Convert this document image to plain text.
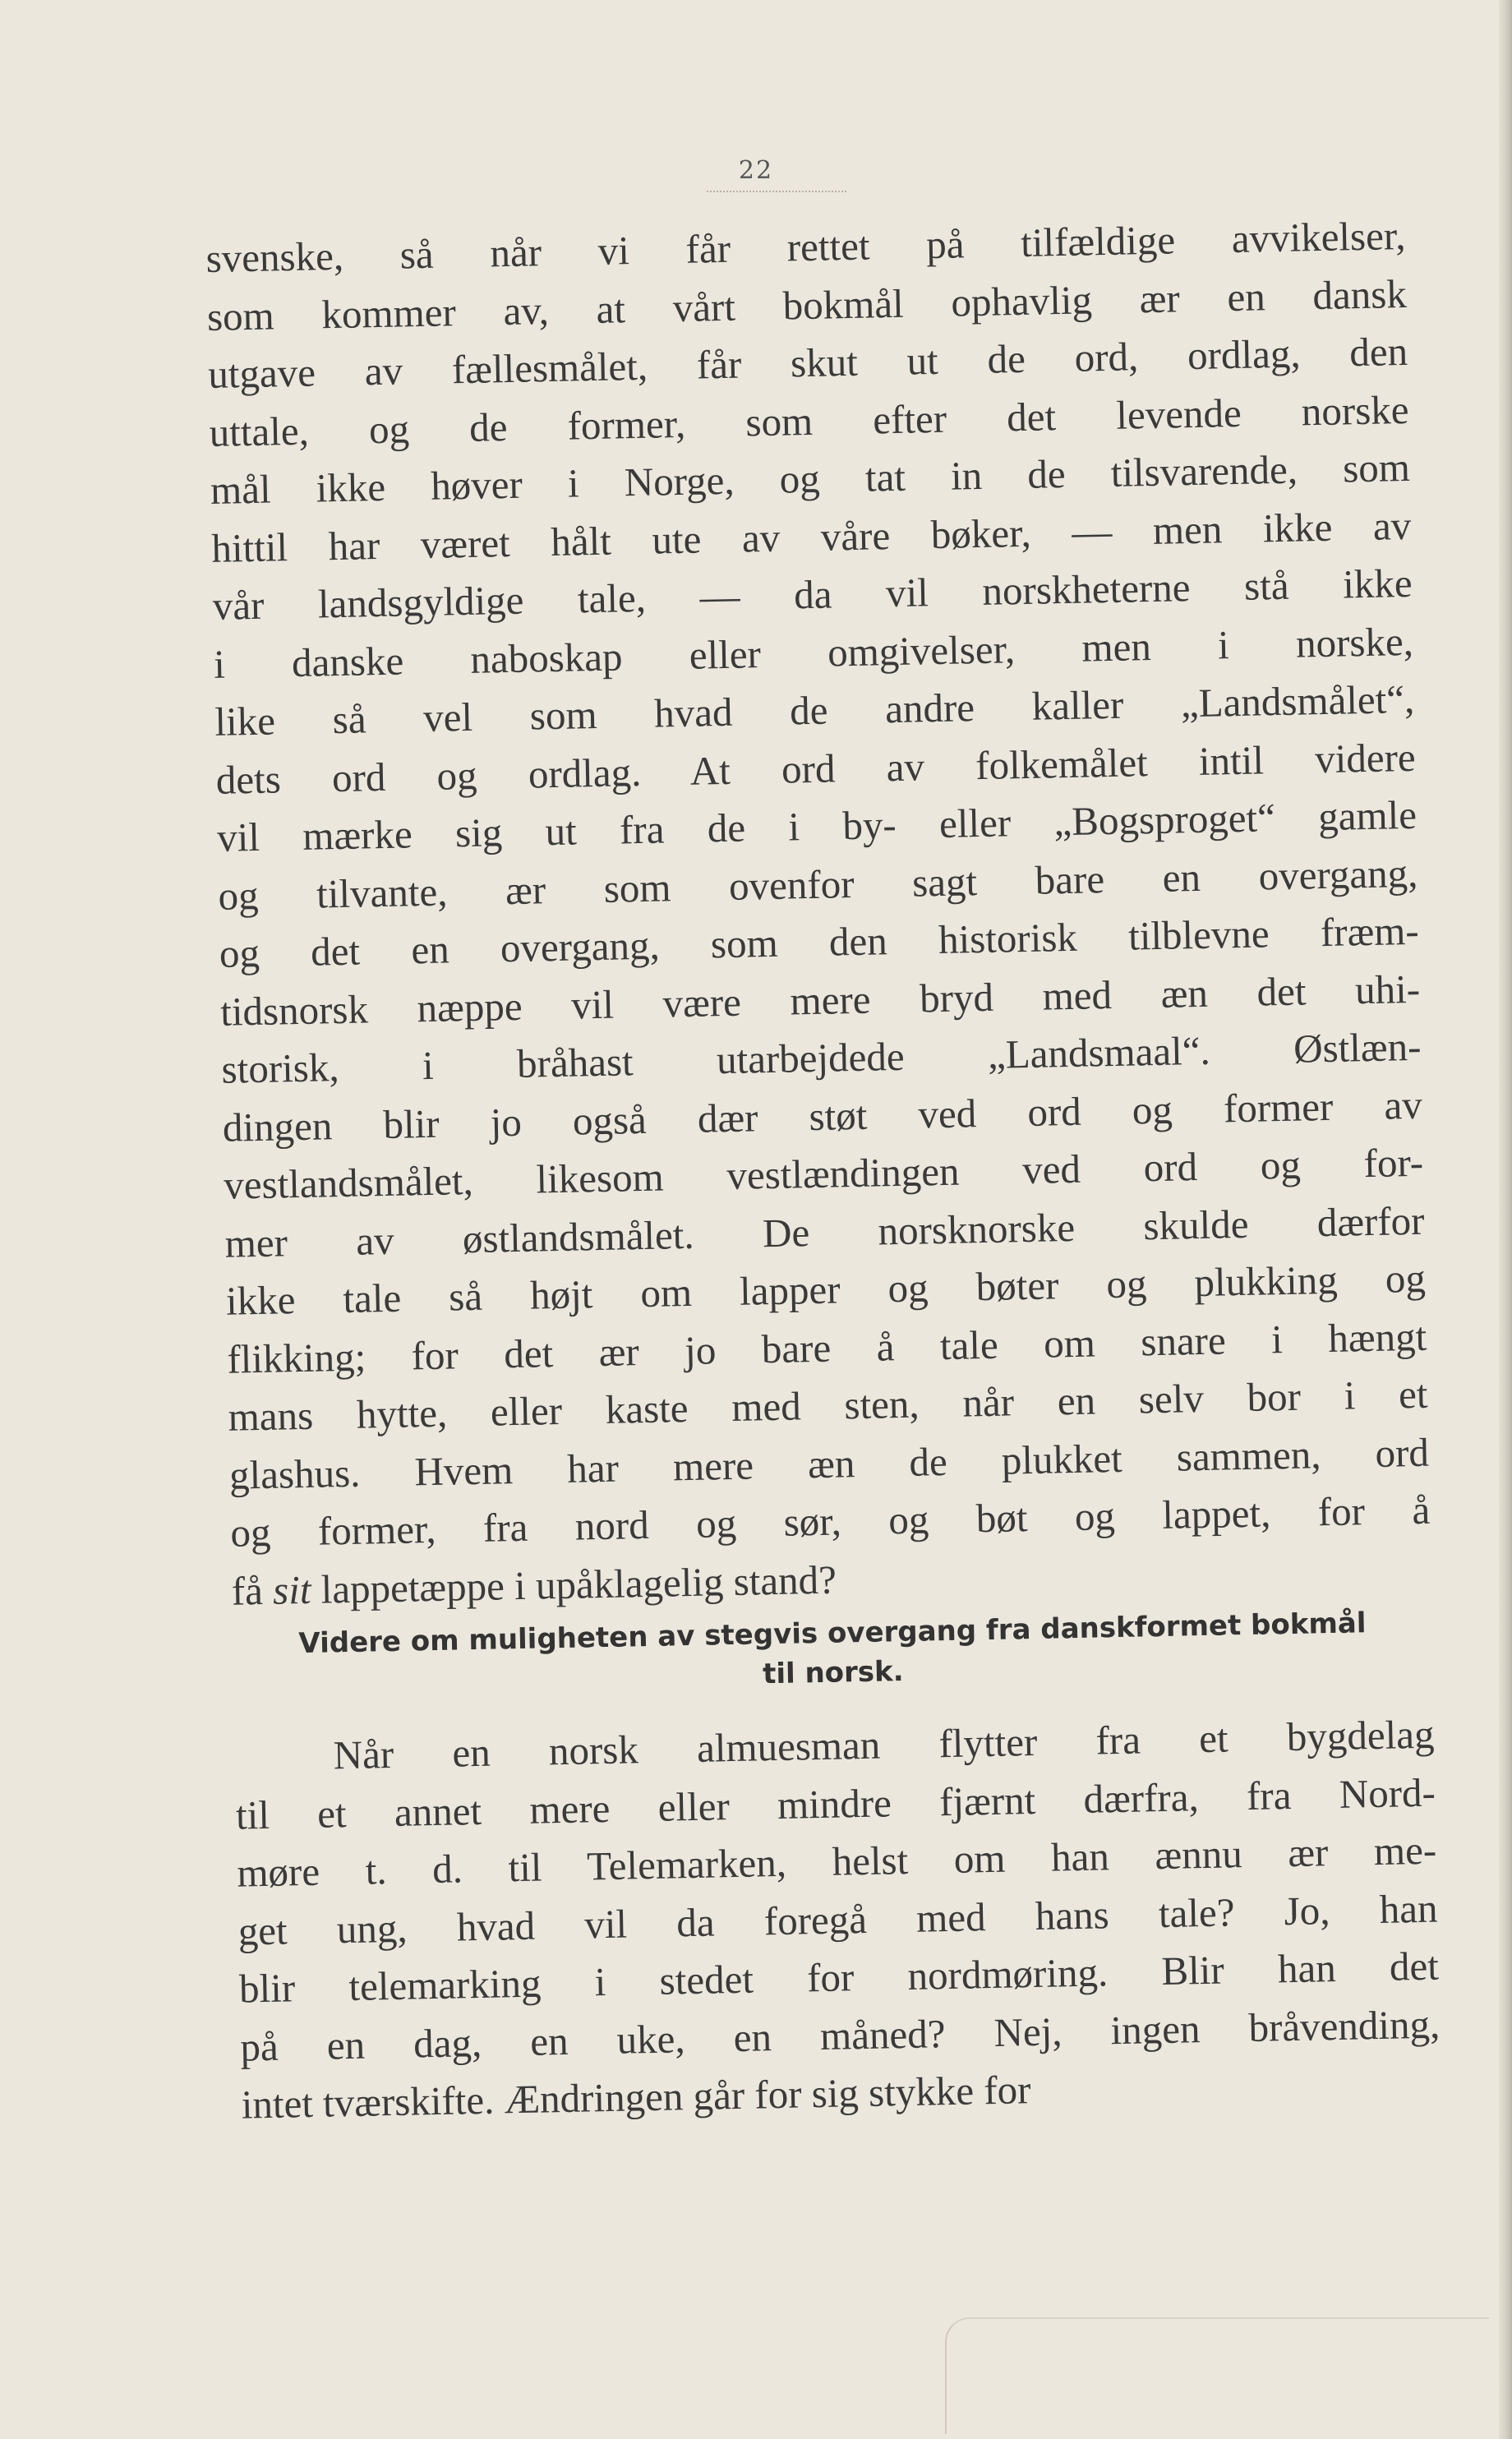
22
svenske, så når vi får rettet på tilfældige avvikelser,
som kommer av, at vårt bokmål ophavlig ær en dansk
utgave av fællesmålet, får skut ut de ord, ordlag, den
uttale, og de former, som efter det levende norske
mål ikke høver i Norge, og tat in de tilsvarende, som
hittil har været hålt ute av våre bøker, — men ikke av
vår landsgyldige tale, — da vil norskheterne stå ikke
i danske naboskap eller omgivelser, men i norske,
like så vel som hvad de andre kaller „Landsmålet“,
dets ord og ordlag. At ord av folkemålet intil videre
vil mærke sig ut fra de i by- eller „Bogsproget“ gamle
og tilvante, ær som ovenfor sagt bare en overgang,
og det en overgang, som den historisk tilblevne fræm-
tidsnorsk næppe vil være mere bryd med æn det uhi-
storisk, i bråhast utarbejdede „Landsmaal“. Østlæn-
dingen blir jo også dær støt ved ord og former av
vestlandsmålet, likesom vestlændingen ved ord og for-
mer av østlandsmålet. De norsknorske skulde dærfor
ikke tale så højt om lapper og bøter og plukking og
flikking; for det ær jo bare å tale om snare i hængt
mans hytte, eller kaste med sten, når en selv bor i et
glashus. Hvem har mere æn de plukket sammen, ord
og former, fra nord og sør, og bøt og lappet, for å
få sit lappetæppe i upåklagelig stand?
Videre om muligheten av stegvis overgang fra danskformet bokmål
til norsk.
Når en norsk almuesman flytter fra et bygdelag
til et annet mere eller mindre fjærnt dærfra, fra Nord-
møre t. d. til Telemarken, helst om han ænnu ær me-
get ung, hvad vil da foregå med hans tale? Jo, han
blir telemarking i stedet for nordmøring. Blir han det
på en dag, en uke, en måned? Nej, ingen bråvending,
intet tværskifte. Ændringen går for sig stykke for
